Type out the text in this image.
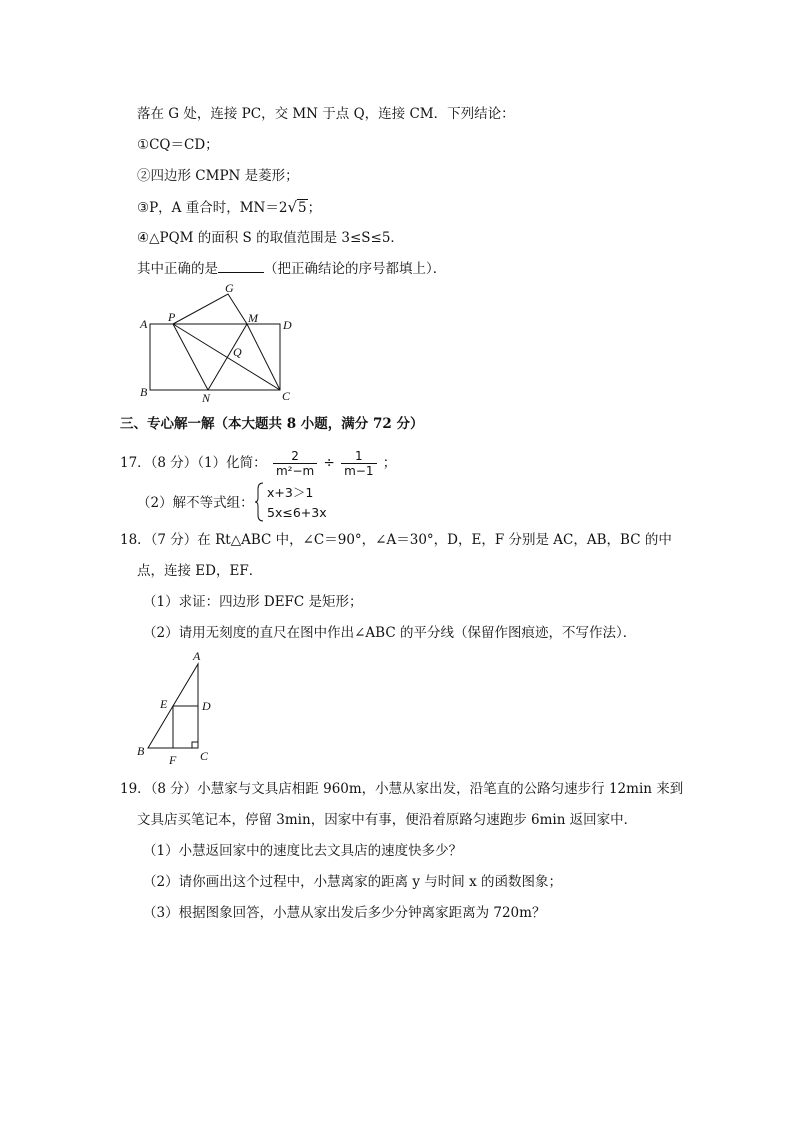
落在 G 处，连接 PC，交 MN 于点 Q，连接 CM．下列结论：
①CQ＝CD；
②四边形 CMPN 是菱形；
③P，A 重合时，MN＝2√5；
④△PQM 的面积 S 的取值范围是 3≤S≤5．
其中正确的是	（把正确结论的序号都填上）．
A P
G
M D
Q
B	N	C
三、专心解一解（本大题共 8 小题，满分 72 分）
17．（8 分）（1）化简： $\frac{2}{\text{m²−m}} \div \frac{1}{m-1}$ ；
（2）解不等式组：
x+3＞1
5x≤6+3x
18．（7 分）在 Rt△ABC 中，∠C＝90°，∠A＝30°，D，E，F 分别是 AC，AB，BC 的中
点，连接 ED，EF．
（1）求证：四边形 DEFC 是矩形；
（2）请用无刻度的直尺在图中作出∠ABC 的平分线（保留作图痕迹，不写作法）．
A
E	D
B
F C
19．（8 分）小慧家与文具店相距 960m，小慧从家出发，沿笔直的公路匀速步行 12min 来到
文具店买笔记本，停留 3min，因家中有事，便沿着原路匀速跑步 6min 返回家中．
（1）小慧返回家中的速度比去文具店的速度快多少？
（2）请你画出这个过程中，小慧离家的距离 y 与时间 x 的函数图象；
（3）根据图象回答，小慧从家出发后多少分钟离家距离为 720m？
